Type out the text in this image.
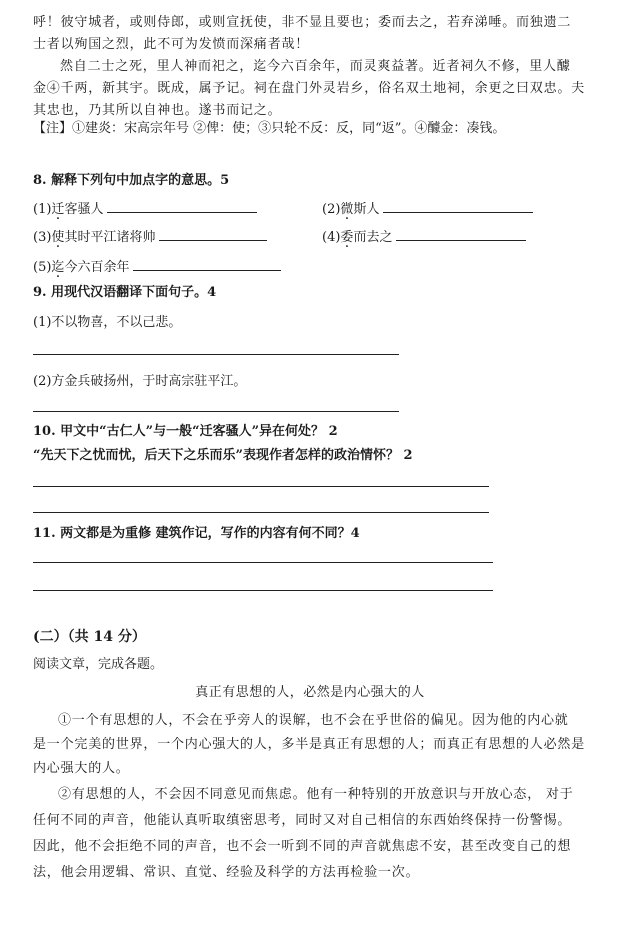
呼！彼守城者，或则侍郎，或则宣抚使，非不显且要也；委而去之，若弃涕唾。而独遗二
士者以殉国之烈，此不可为发愤而深痛者哉！
然自二士之死，里人神而祀之，迄今六百余年，而灵爽益著。近者祠久不修，里人醵
金④千两，新其宇。既成，属予记。祠在盘门外灵岩乡，俗名双土地祠，余更之曰双忠。夫
其忠也，乃其所以自神也。遂书而记之。
【注】①建炎：宋高宗年号 ②俾：使；③只轮不反：反，同“返”。④醵金：凑钱。
8. 解释下列句中加点字的意思。5
(1)迁客骚人	(2)微斯人
(3)使其时平江诸将帅	(4)委而去之
(5)迄今六百余年
9. 用现代汉语翻译下面句子。4
(1)不以物喜，不以己悲。
(2)方金兵破扬州，于时高宗驻平江。
10. 甲文中“古仁人”与一般“迁客骚人”异在何处？ 2
“先天下之忧而忧，后天下之乐而乐”表现作者怎样的政治情怀？ 2
11. 两文都是为重修 建筑作记，写作的内容有何不同？4
(二）（共 14 分）
阅读文章，完成各题。
真正有思想的人，必然是内心强大的人
①一个有思想的人，不会在乎旁人的误解，也不会在乎世俗的偏见。因为他的内心就
是一个完美的世界，一个内心强大的人，多半是真正有思想的人；而真正有思想的人必然是
内心强大的人。
②有思想的人，不会因不同意见而焦虑。他有一种特别的开放意识与开放心态， 对于
任何不同的声音，他能认真听取缜密思考，同时又对自己相信的东西始终保持一份警惕。
因此，他不会拒绝不同的声音，也不会一听到不同的声音就焦虑不安，甚至改变自己的想
法，他会用逻辑、常识、直觉、经验及科学的方法再检验一次。
